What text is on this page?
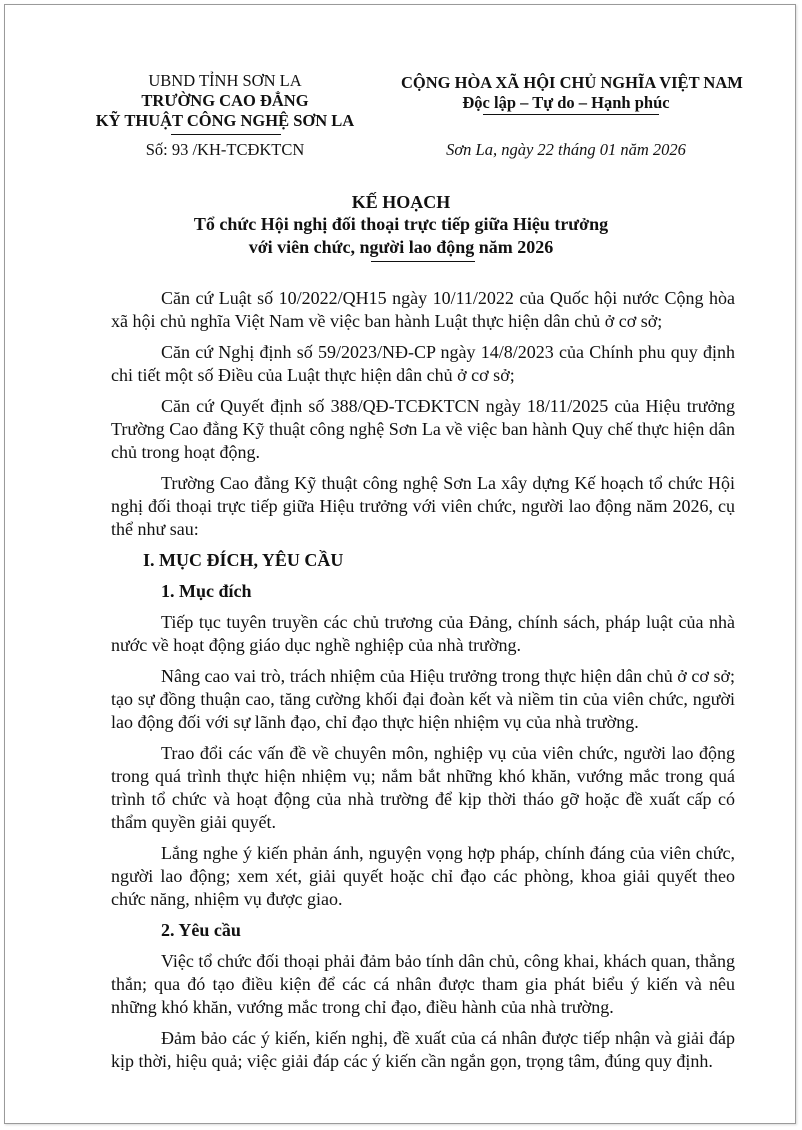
UBND TỈNH SƠN LA
TRƯỜNG CAO ĐẲNG
KỸ THUẬT CÔNG NGHỆ SƠN LA
Số: 93 /KH-TCĐKTCN
CỘNG HÒA XÃ HỘI CHỦ NGHĨA VIỆT NAM
Độc lập – Tự do – Hạnh phúc
Sơn La, ngày 22 tháng 01 năm 2026
KẾ HOẠCH
Tổ chức Hội nghị đối thoại trực tiếp giữa Hiệu trưởng
với viên chức, người lao động năm 2026

Căn cứ Luật số 10/2022/QH15 ngày 10/11/2022 của Quốc hội nước Cộng hòa xã hội chủ nghĩa Việt Nam về việc ban hành Luật thực hiện dân chủ ở cơ sở;

Căn cứ Nghị định số 59/2023/NĐ-CP ngày 14/8/2023 của Chính phu quy định chi tiết một số Điều của Luật thực hiện dân chủ ở cơ sở;

Căn cứ Quyết định số 388/QĐ-TCĐKTCN ngày 18/11/2025 của Hiệu trưởng Trường Cao đẳng Kỹ thuật công nghệ Sơn La về việc ban hành Quy chế thực hiện dân chủ trong hoạt động.

Trường Cao đẳng Kỹ thuật công nghệ Sơn La xây dựng Kế hoạch tổ chức Hội nghị đối thoại trực tiếp giữa Hiệu trưởng với viên chức, người lao động năm 2026, cụ thể như sau:

I. MỤC ĐÍCH, YÊU CẦU
1. Mục đích

Tiếp tục tuyên truyền các chủ trương của Đảng, chính sách, pháp luật của nhà nước về hoạt động giáo dục nghề nghiệp của nhà trường.

Nâng cao vai trò, trách nhiệm của Hiệu trưởng trong thực hiện dân chủ ở cơ sở; tạo sự đồng thuận cao, tăng cường khối đại đoàn kết và niềm tin của viên chức, người lao động đối với sự lãnh đạo, chỉ đạo thực hiện nhiệm vụ của nhà trường.

Trao đổi các vấn đề về chuyên môn, nghiệp vụ của viên chức, người lao động trong quá trình thực hiện nhiệm vụ; nắm bắt những khó khăn, vướng mắc trong quá trình tổ chức và hoạt động của nhà trường để kịp thời tháo gỡ hoặc đề xuất cấp có thẩm quyền giải quyết.

Lắng nghe ý kiến phản ánh, nguyện vọng hợp pháp, chính đáng của viên chức, người lao động; xem xét, giải quyết hoặc chỉ đạo các phòng, khoa giải quyết theo chức năng, nhiệm vụ được giao.

2. Yêu cầu

Việc tổ chức đối thoại phải đảm bảo tính dân chủ, công khai, khách quan, thẳng thắn; qua đó tạo điều kiện để các cá nhân được tham gia phát biểu ý kiến và nêu những khó khăn, vướng mắc trong chỉ đạo, điều hành của nhà trường.

Đảm bảo các ý kiến, kiến nghị, đề xuất của cá nhân được tiếp nhận và giải đáp kịp thời, hiệu quả; việc giải đáp các ý kiến cần ngắn gọn, trọng tâm, đúng quy định.
